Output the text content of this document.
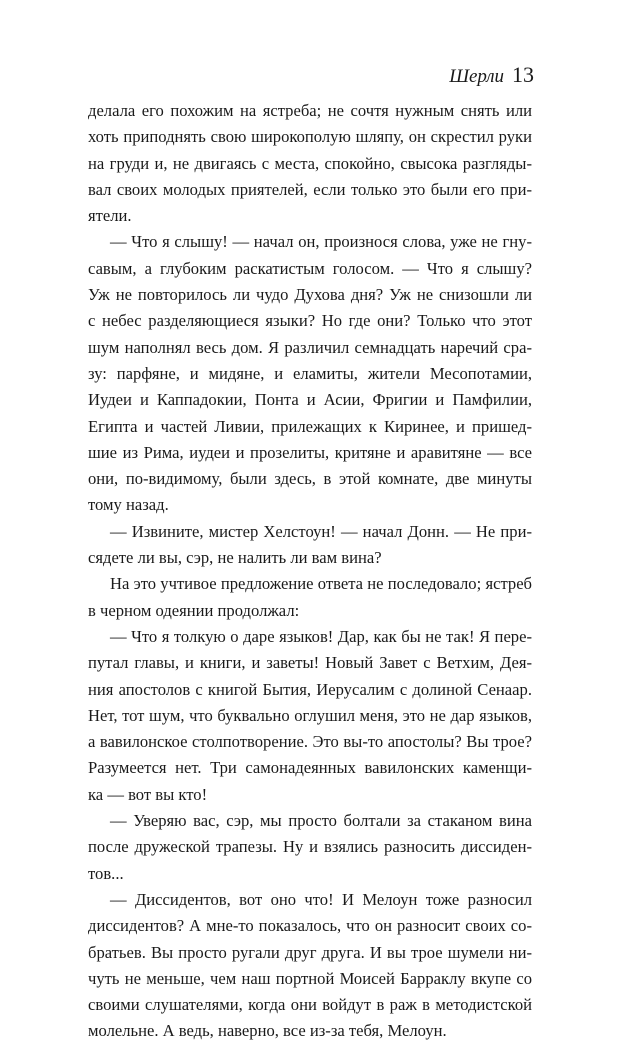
Шерли 13
делала его похожим на ястреба; не сочтя нужным снять или
хоть приподнять свою широкополую шляпу, он скрестил руки
на груди и, не двигаясь с места, спокойно, свысока разгляды-
вал своих молодых приятелей, если только это были его при-
ятели.
— Что я слышу! — начал он, произнося слова, уже не гну-
савым, а глубоким раскатистым голосом. — Что я слышу?
Уж не повторилось ли чудо Духова дня? Уж не снизошли ли
с небес разделяющиеся языки? Но где они? Только что этот
шум наполнял весь дом. Я различил семнадцать наречий сра-
зу: парфяне, и мидяне, и еламиты, жители Месопотамии,
Иудеи и Каппадокии, Понта и Асии, Фригии и Памфилии,
Египта и частей Ливии, прилежащих к Киринее, и пришед-
шие из Рима, иудеи и прозелиты, критяне и аравитяне — все
они, по-видимому, были здесь, в этой комнате, две минуты
тому назад.
— Извините, мистер Хелстоун! — начал Донн. — Не при-
сядете ли вы, сэр, не налить ли вам вина?
На это учтивое предложение ответа не последовало; ястреб
в черном одеянии продолжал:
— Что я толкую о даре языков! Дар, как бы не так! Я пере-
путал главы, и книги, и заветы! Новый Завет с Ветхим, Дея-
ния апостолов с книгой Бытия, Иерусалим с долиной Сенаар.
Нет, тот шум, что буквально оглушил меня, это не дар языков,
а вавилонское столпотворение. Это вы-то апостолы? Вы трое?
Разумеется нет. Три самонадеянных вавилонских каменщи-
ка — вот вы кто!
— Уверяю вас, сэр, мы просто болтали за стаканом вина
после дружеской трапезы. Ну и взялись разносить диссиден-
тов...
— Диссидентов, вот оно что! И Мелоун тоже разносил
диссидентов? А мне-то показалось, что он разносит своих со-
братьев. Вы просто ругали друг друга. И вы трое шумели ни-
чуть не меньше, чем наш портной Моисей Барраклу вкупе со
своими слушателями, когда они войдут в раж в методистской
молельне. А ведь, наверно, все из-за тебя, Мелоун.
